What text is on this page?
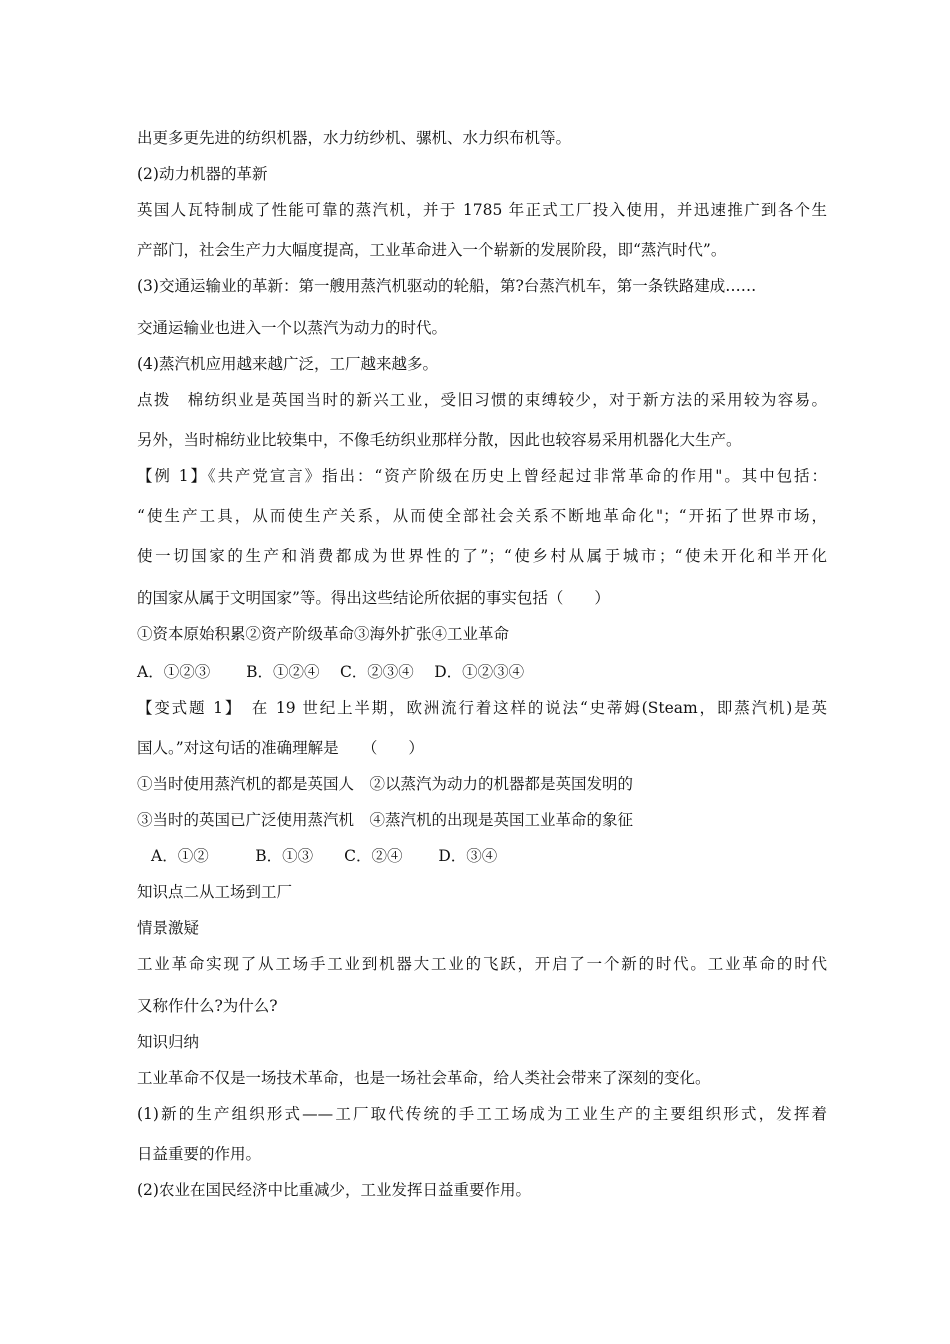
出更多更先进的纺织机器，水力纺纱机、骡机、水力织布机等。
(2)动力机器的革新
英国人瓦特制成了性能可靠的蒸汽机，并于 1785 年正式工厂投入使用，并迅速推广到各个生
产部门，社会生产力大幅度提高，工业革命进入一个崭新的发展阶段，即“蒸汽时代”。
(3)交通运输业的革新：第一艘用蒸汽机驱动的轮船，第?台蒸汽机车，第一条铁路建成……
交通运输业也进入一个以蒸汽为动力的时代。
(4)蒸汽机应用越来越广泛，工厂越来越多。
点拨　棉纺织业是英国当时的新兴工业，受旧习惯的束缚较少，对于新方法的采用较为容易。
另外，当时棉纺业比较集中，不像毛纺织业那样分散，因此也较容易采用机器化大生产。
【例 1】《共产党宣言》指出：“资产阶级在历史上曾经起过非常革命的作用"。其中包括：
“使生产工具，从而使生产关系，从而使全部社会关系不断地革命化"；“开拓了世界市场，
使一切国家的生产和消费都成为世界性的了”；“使乡村从属于城市；“使未开化和半开化
的国家从属于文明国家”等。得出这些结论所依据的事实包括（　　）
①资本原始积累②资产阶级革命③海外扩张④工业革命
A．①②③　　 B．①②④　 C．②③④　 D．①②③④
【变式题 1】　在 19 世纪上半期，欧洲流行着这样的说法“史蒂姆(Steam，即蒸汽机)是英
国人。”对这句话的准确理解是　　（　　）
①当时使用蒸汽机的都是英国人　②以蒸汽为动力的机器都是英国发明的
③当时的英国已广泛使用蒸汽机　④蒸汽机的出现是英国工业革命的象征
A．①②　　　B．①③　　C．②④　　 D．③④
知识点二从工场到工厂
情景激疑
工业革命实现了从工场手工业到机器大工业的飞跃，开启了一个新的时代。工业革命的时代
又称作什么?为什么?
知识归纳
工业革命不仅是一场技术革命，也是一场社会革命，给人类社会带来了深刻的变化。
(1)新的生产组织形式——工厂取代传统的手工工场成为工业生产的主要组织形式，发挥着
日益重要的作用。
(2)农业在国民经济中比重减少，工业发挥日益重要作用。
